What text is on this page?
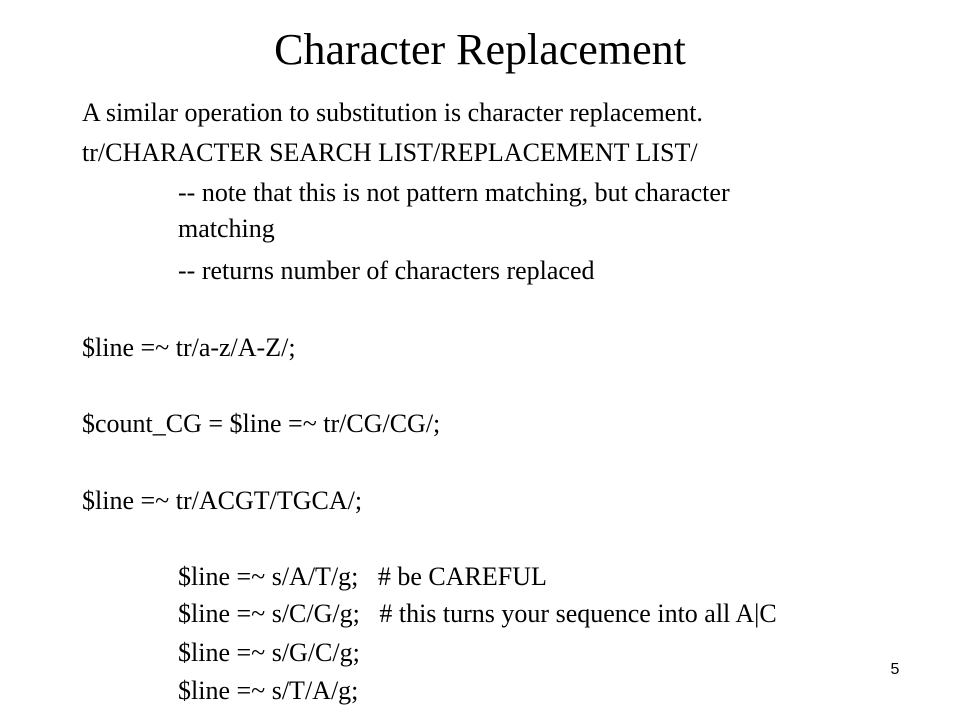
Character Replacement
A similar operation to substitution is character replacement.
tr/CHARACTER SEARCH LIST/REPLACEMENT LIST/
-- note that this is not pattern matching, but character
matching
-- returns number of characters replaced
$line =~ tr/a-z/A-Z/;
$count_CG = $line =~ tr/CG/CG/;
$line =~ tr/ACGT/TGCA/;
$line =~ s/A/T/g;   # be CAREFUL
$line =~ s/C/G/g;   # this turns your sequence into all A|C
$line =~ s/G/C/g;
$line =~ s/T/A/g;
5
